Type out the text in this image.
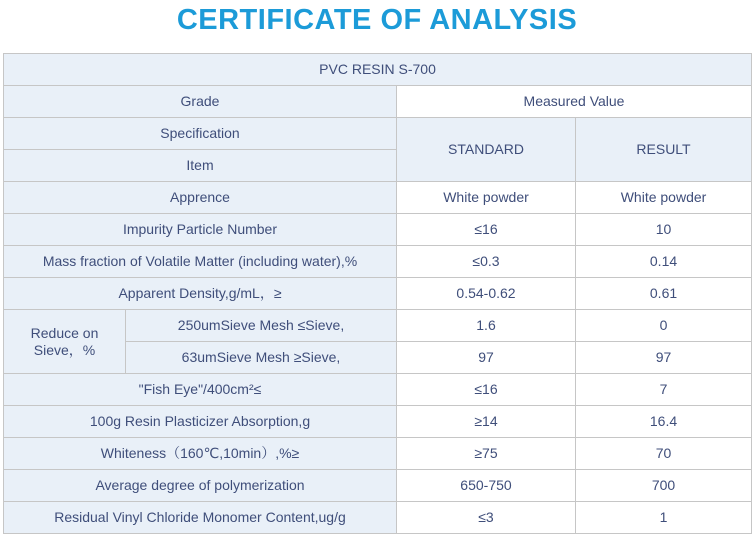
CERTIFICATE OF ANALYSIS
PVC RESIN S-700			
Grade		Measured Value	
Specification		STANDARD	RESULT
Item			
Apprence		White powder	White powder
Impurity Particle Number		≤16	10
Mass fraction of Volatile Matter (including water),%		≤0.3	0.14
Apparent Density,g/mL，≥		0.54-0.62	0.61
Reduce on Sieve，%	250umSieve Mesh ≤Sieve,	1.6	0
	63umSieve Mesh ≥Sieve,	97	97
"Fish Eye"/400cm²≤		≤16	7
100g Resin Plasticizer Absorption,g		≥14	16.4
Whiteness（160℃,10min）,%≥		≥75	70
Average degree of polymerization		650-750	700
Residual Vinyl Chloride Monomer Content,ug/g		≤3	1
